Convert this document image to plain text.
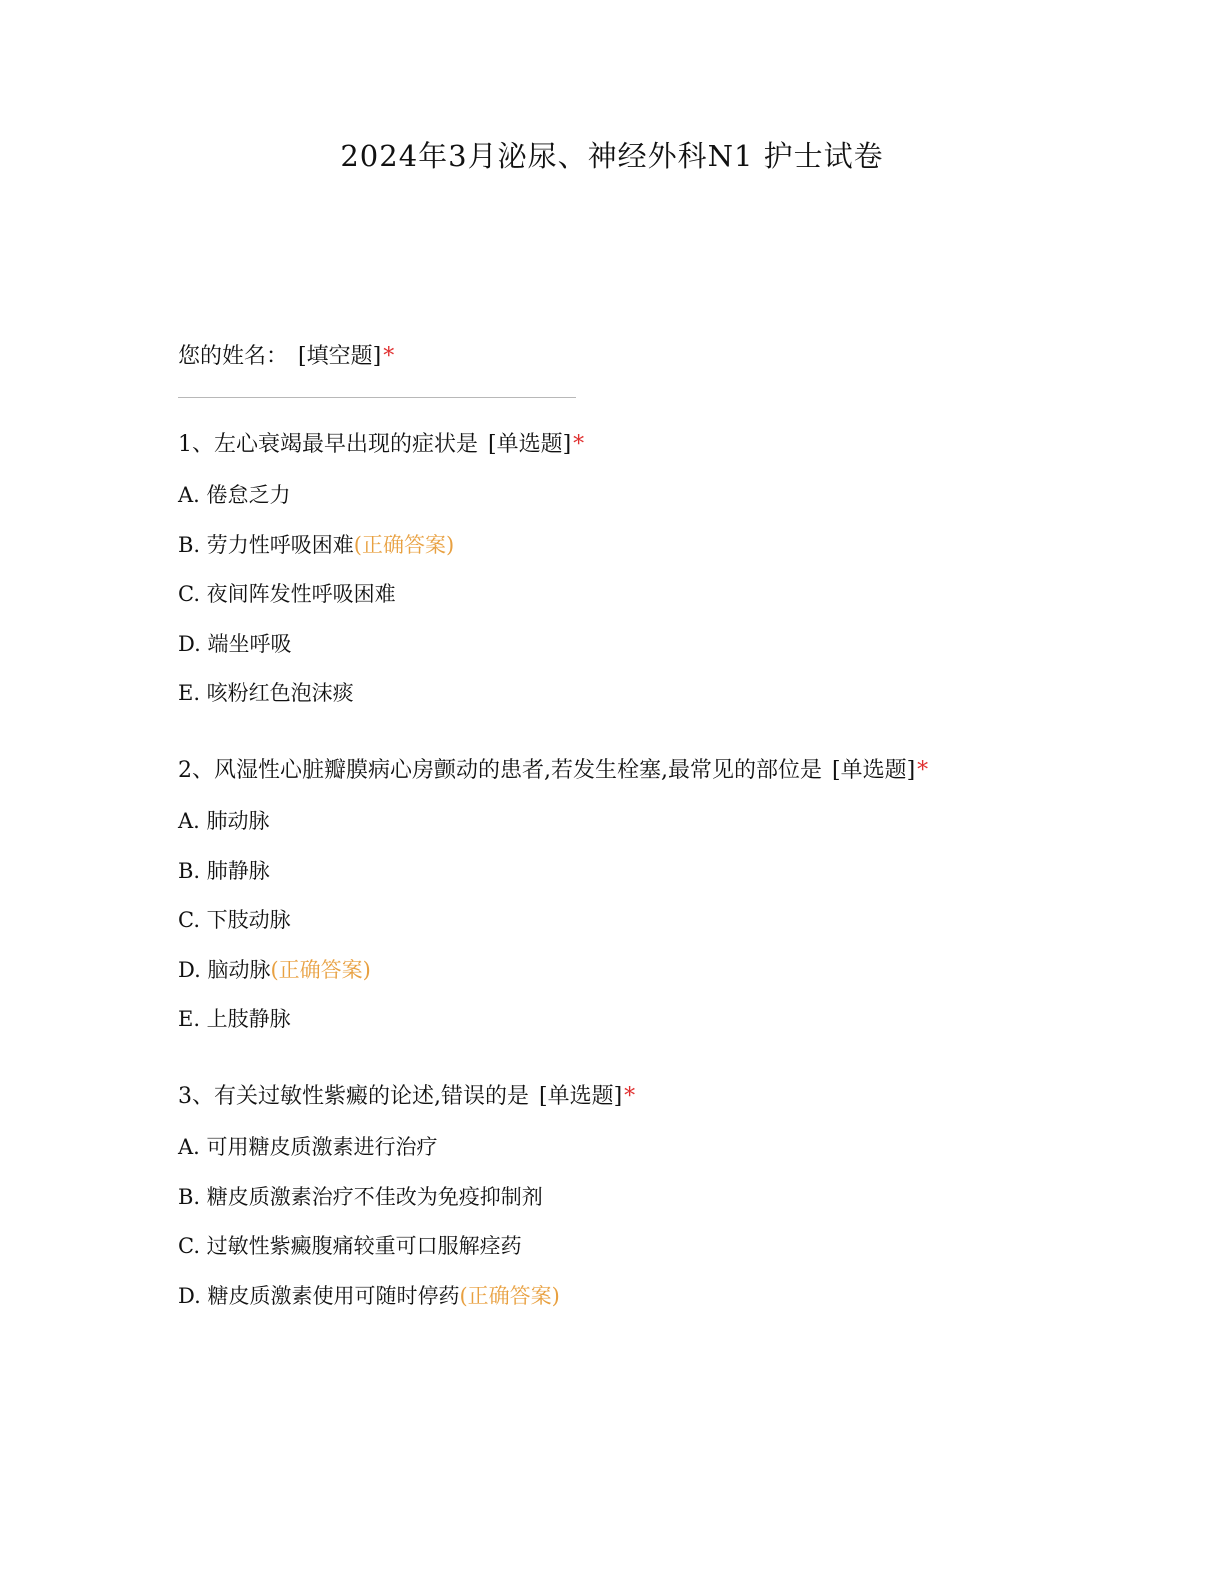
2024年3月泌尿、神经外科N1 护士试卷
您的姓名： [填空题]*
1、左心衰竭最早出现的症状是 [单选题]*
A. 倦怠乏力
B. 劳力性呼吸困难(正确答案)
C. 夜间阵发性呼吸困难
D. 端坐呼吸
E. 咳粉红色泡沫痰
2、风湿性心脏瓣膜病心房颤动的患者,若发生栓塞,最常见的部位是 [单选题]*
A. 肺动脉
B. 肺静脉
C. 下肢动脉
D. 脑动脉(正确答案)
E. 上肢静脉
3、有关过敏性紫癜的论述,错误的是 [单选题]*
A. 可用糖皮质激素进行治疗
B. 糖皮质激素治疗不佳改为免疫抑制剂
C. 过敏性紫癜腹痛较重可口服解痉药
D. 糖皮质激素使用可随时停药(正确答案)
